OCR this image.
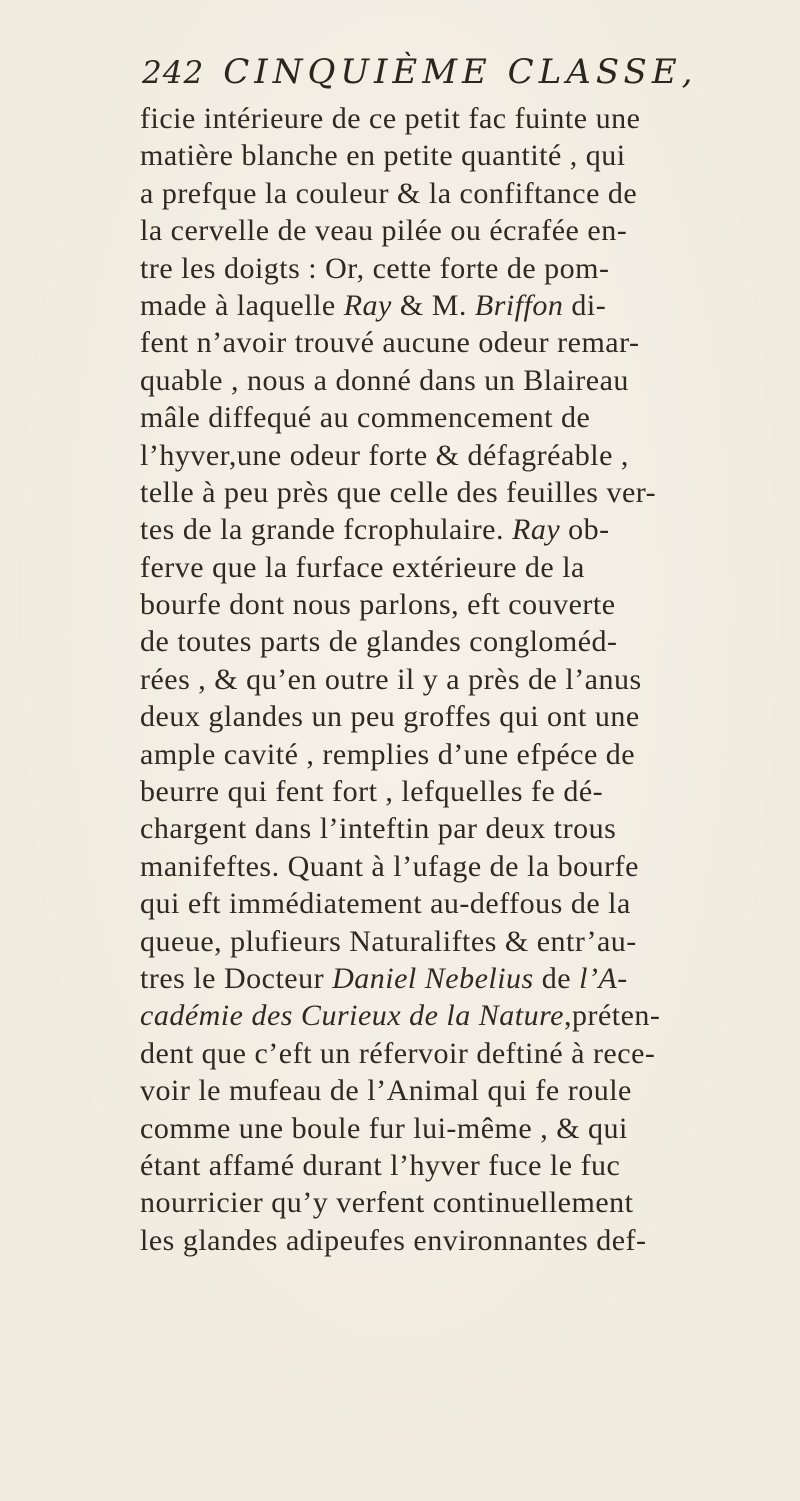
242 CINQUIÈME CLASSE,
ficie intérieure de ce petit fac fuinte une
matière blanche en petite quantité , qui
a prefque la couleur & la confiftance de
la cervelle de veau pilée ou écrafée en-
tre les doigts : Or, cette forte de pom-
made à laquelle Ray & M. Briffon di-
fent n’avoir trouvé aucune odeur remar-
quable , nous a donné dans un Blaireau
mâle diffequé au commencement de
l’hyver,une odeur forte & défagréable ,
telle à peu près que celle des feuilles ver-
tes de la grande fcrophulaire. Ray ob-
ferve que la furface extérieure de la
bourfe dont nous parlons, eft couverte
de toutes parts de glandes congloméd-
rées , & qu’en outre il y a près de l’anus
deux glandes un peu groffes qui ont une
ample cavité , remplies d’une efpéce de
beurre qui fent fort , lefquelles fe dé-
chargent dans l’inteftin par deux trous
manifeftes. Quant à l’ufage de la bourfe
qui eft immédiatement au-deffous de la
queue, plufieurs Naturaliftes & entr’au-
tres le Docteur Daniel Nebelius de l’A-
cadémie des Curieux de la Nature,préten-
dent que c’eft un réfervoir deftiné à rece-
voir le mufeau de l’Animal qui fe roule
comme une boule fur lui-même , & qui
étant affamé durant l’hyver fuce le fuc
nourricier qu’y verfent continuellement
les glandes adipeufes environnantes def-
